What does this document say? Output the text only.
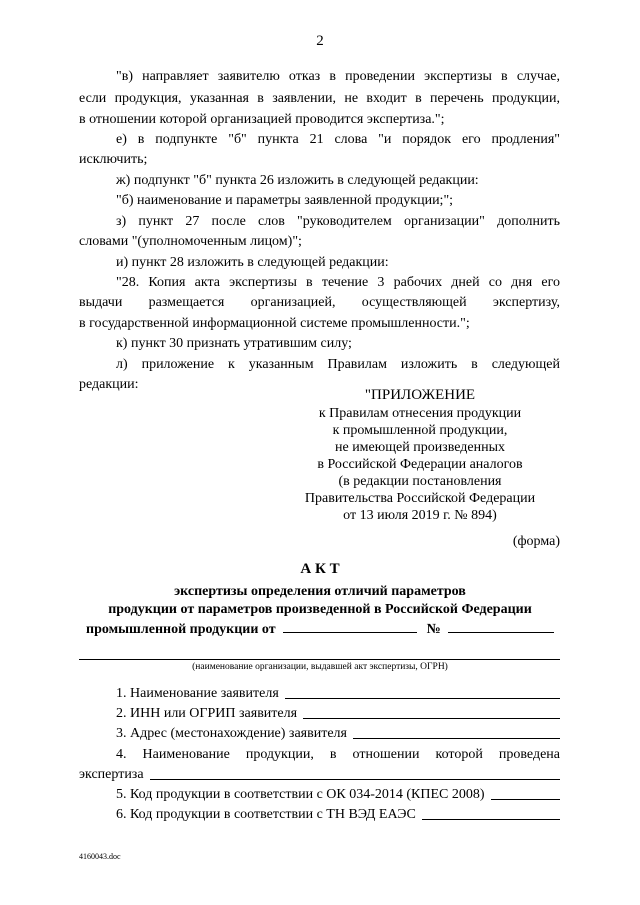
2
"в) направляет заявителю отказ в проведении экспертизы в случае,
если продукция, указанная в заявлении, не входит в перечень продукции,
в отношении которой организацией проводится экспертиза.";
е) в подпункте "б" пункта 21 слова "и порядок его продления"
исключить;
ж) подпункт "б" пункта 26 изложить в следующей редакции:
"б) наименование и параметры заявленной продукции;";
з) пункт 27 после слов "руководителем организации" дополнить
словами "(уполномоченным лицом)";
и) пункт 28 изложить в следующей редакции:
"28. Копия акта экспертизы в течение 3 рабочих дней со дня его
выдачи размещается организацией, осуществляющей экспертизу,
в государственной информационной системе промышленности.";
к) пункт 30 признать утратившим силу;
л) приложение к указанным Правилам изложить в следующей
редакции:
"ПРИЛОЖЕНИЕ
к Правилам отнесения продукции
к промышленной продукции,
не имеющей произведенных
в Российской Федерации аналогов
(в редакции постановления
Правительства Российской Федерации
от 13 июля 2019 г. № 894)
(форма)
А К Т
экспертизы определения отличий параметров
продукции от параметров произведенной в Российской Федерации
промышленной продукции от	№
(наименование организации, выдавшей акт экспертизы, ОГРН)
1. Наименование заявителя
2. ИНН или ОГРИП заявителя
3. Адрес (местонахождение) заявителя
4. Наименование продукции, в отношении которой проведена
экспертиза
5. Код продукции в соответствии с ОК 034-2014 (КПЕС 2008)
6. Код продукции в соответствии с ТН ВЭД ЕАЭС
4160043.doc
